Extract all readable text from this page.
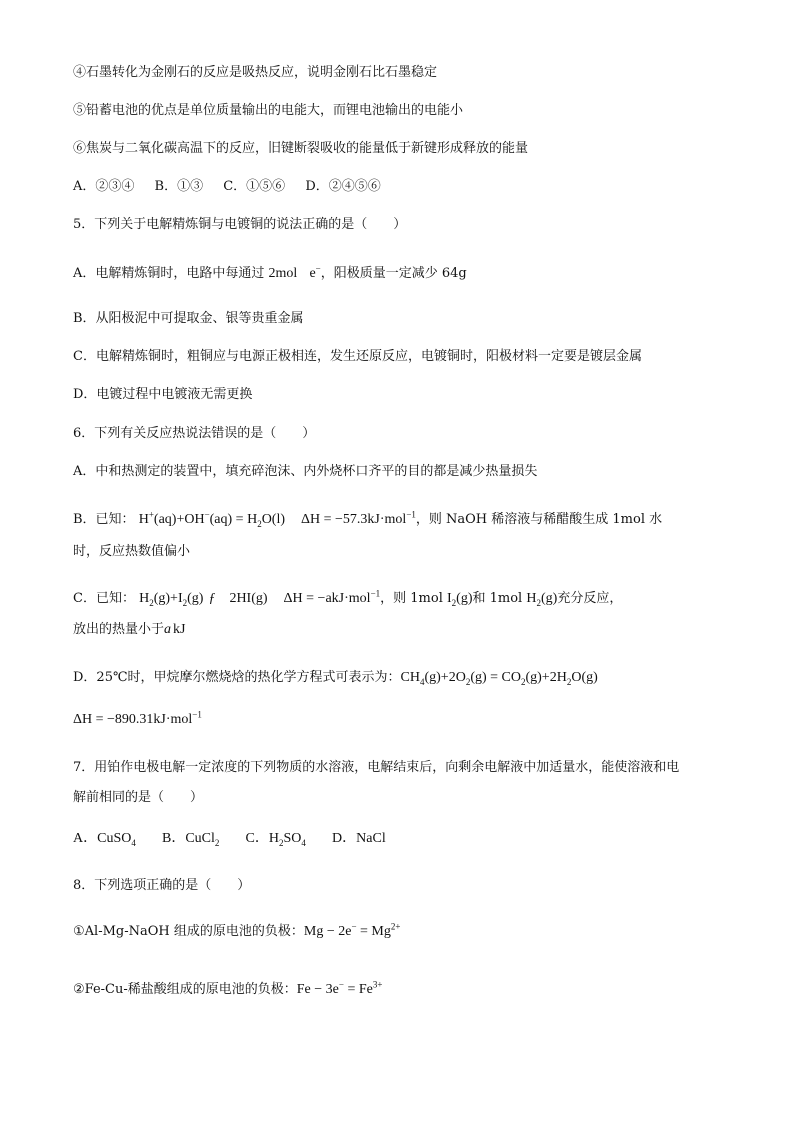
④石墨转化为金刚石的反应是吸热反应，说明金刚石比石墨稳定
⑤铅蓄电池的优点是单位质量输出的电能大，而锂电池输出的电能小
⑥焦炭与二氧化碳高温下的反应，旧键断裂吸收的能量低于新键形成释放的能量
A．②③④ B．①③ C．①⑤⑥ D．②④⑤⑥
5．下列关于电解精炼铜与电镀铜的说法正确的是（　　）
A．电解精炼铜时，电路中每通过 2mol e−，阳极质量一定减少 64g
B．从阳极泥中可提取金、银等贵重金属
C．电解精炼铜时，粗铜应与电源正极相连，发生还原反应，电镀铜时，阳极材料一定要是镀层金属
D．电镀过程中电镀液无需更换
6．下列有关反应热说法错误的是（　　）
A．中和热测定的装置中，填充碎泡沫、内外烧杯口齐平的目的都是减少热量损失
B．已知： $H^+(aq)+OH^-(aq) = H_2O(l) \Delta H = -57.3kJ\cdot mol^{-1}$，则 NaOH 稀溶液与稀醋酸生成 1mol 水
时，反应热数值偏小
C．已知： $H_2(g)+I_2(g)$ ƒ 2HI(g) ΔH = −akJ·mol$^{-1}$，则 1mol $I_2(g)$和 1mol $H_2(g)$充分反应，
放出的热量小于a kJ
D．25℃时，甲烷摩尔燃烧焓的热化学方程式可表示为：$CH_4(g)+2O_2(g) = CO_2(g)+2H_2O(g)$
ΔH = −890.31kJ·mol$^{-1}$
7．用铂作电极电解一定浓度的下列物质的水溶液，电解结束后，向剩余电解液中加适量水，能使溶液和电
解前相同的是（　　）
A．CuSO$_4$ B．CuCl$_2$ C．$H_2SO_4$ D．NaCl
8．下列选项正确的是（　　）
①Al-Mg-NaOH 组成的原电池的负极：$Mg - 2e^- = Mg^{2+}$
②Fe-Cu-稀盐酸组成的原电池的负极：$Fe - 3e^- = Fe^{3+}$
